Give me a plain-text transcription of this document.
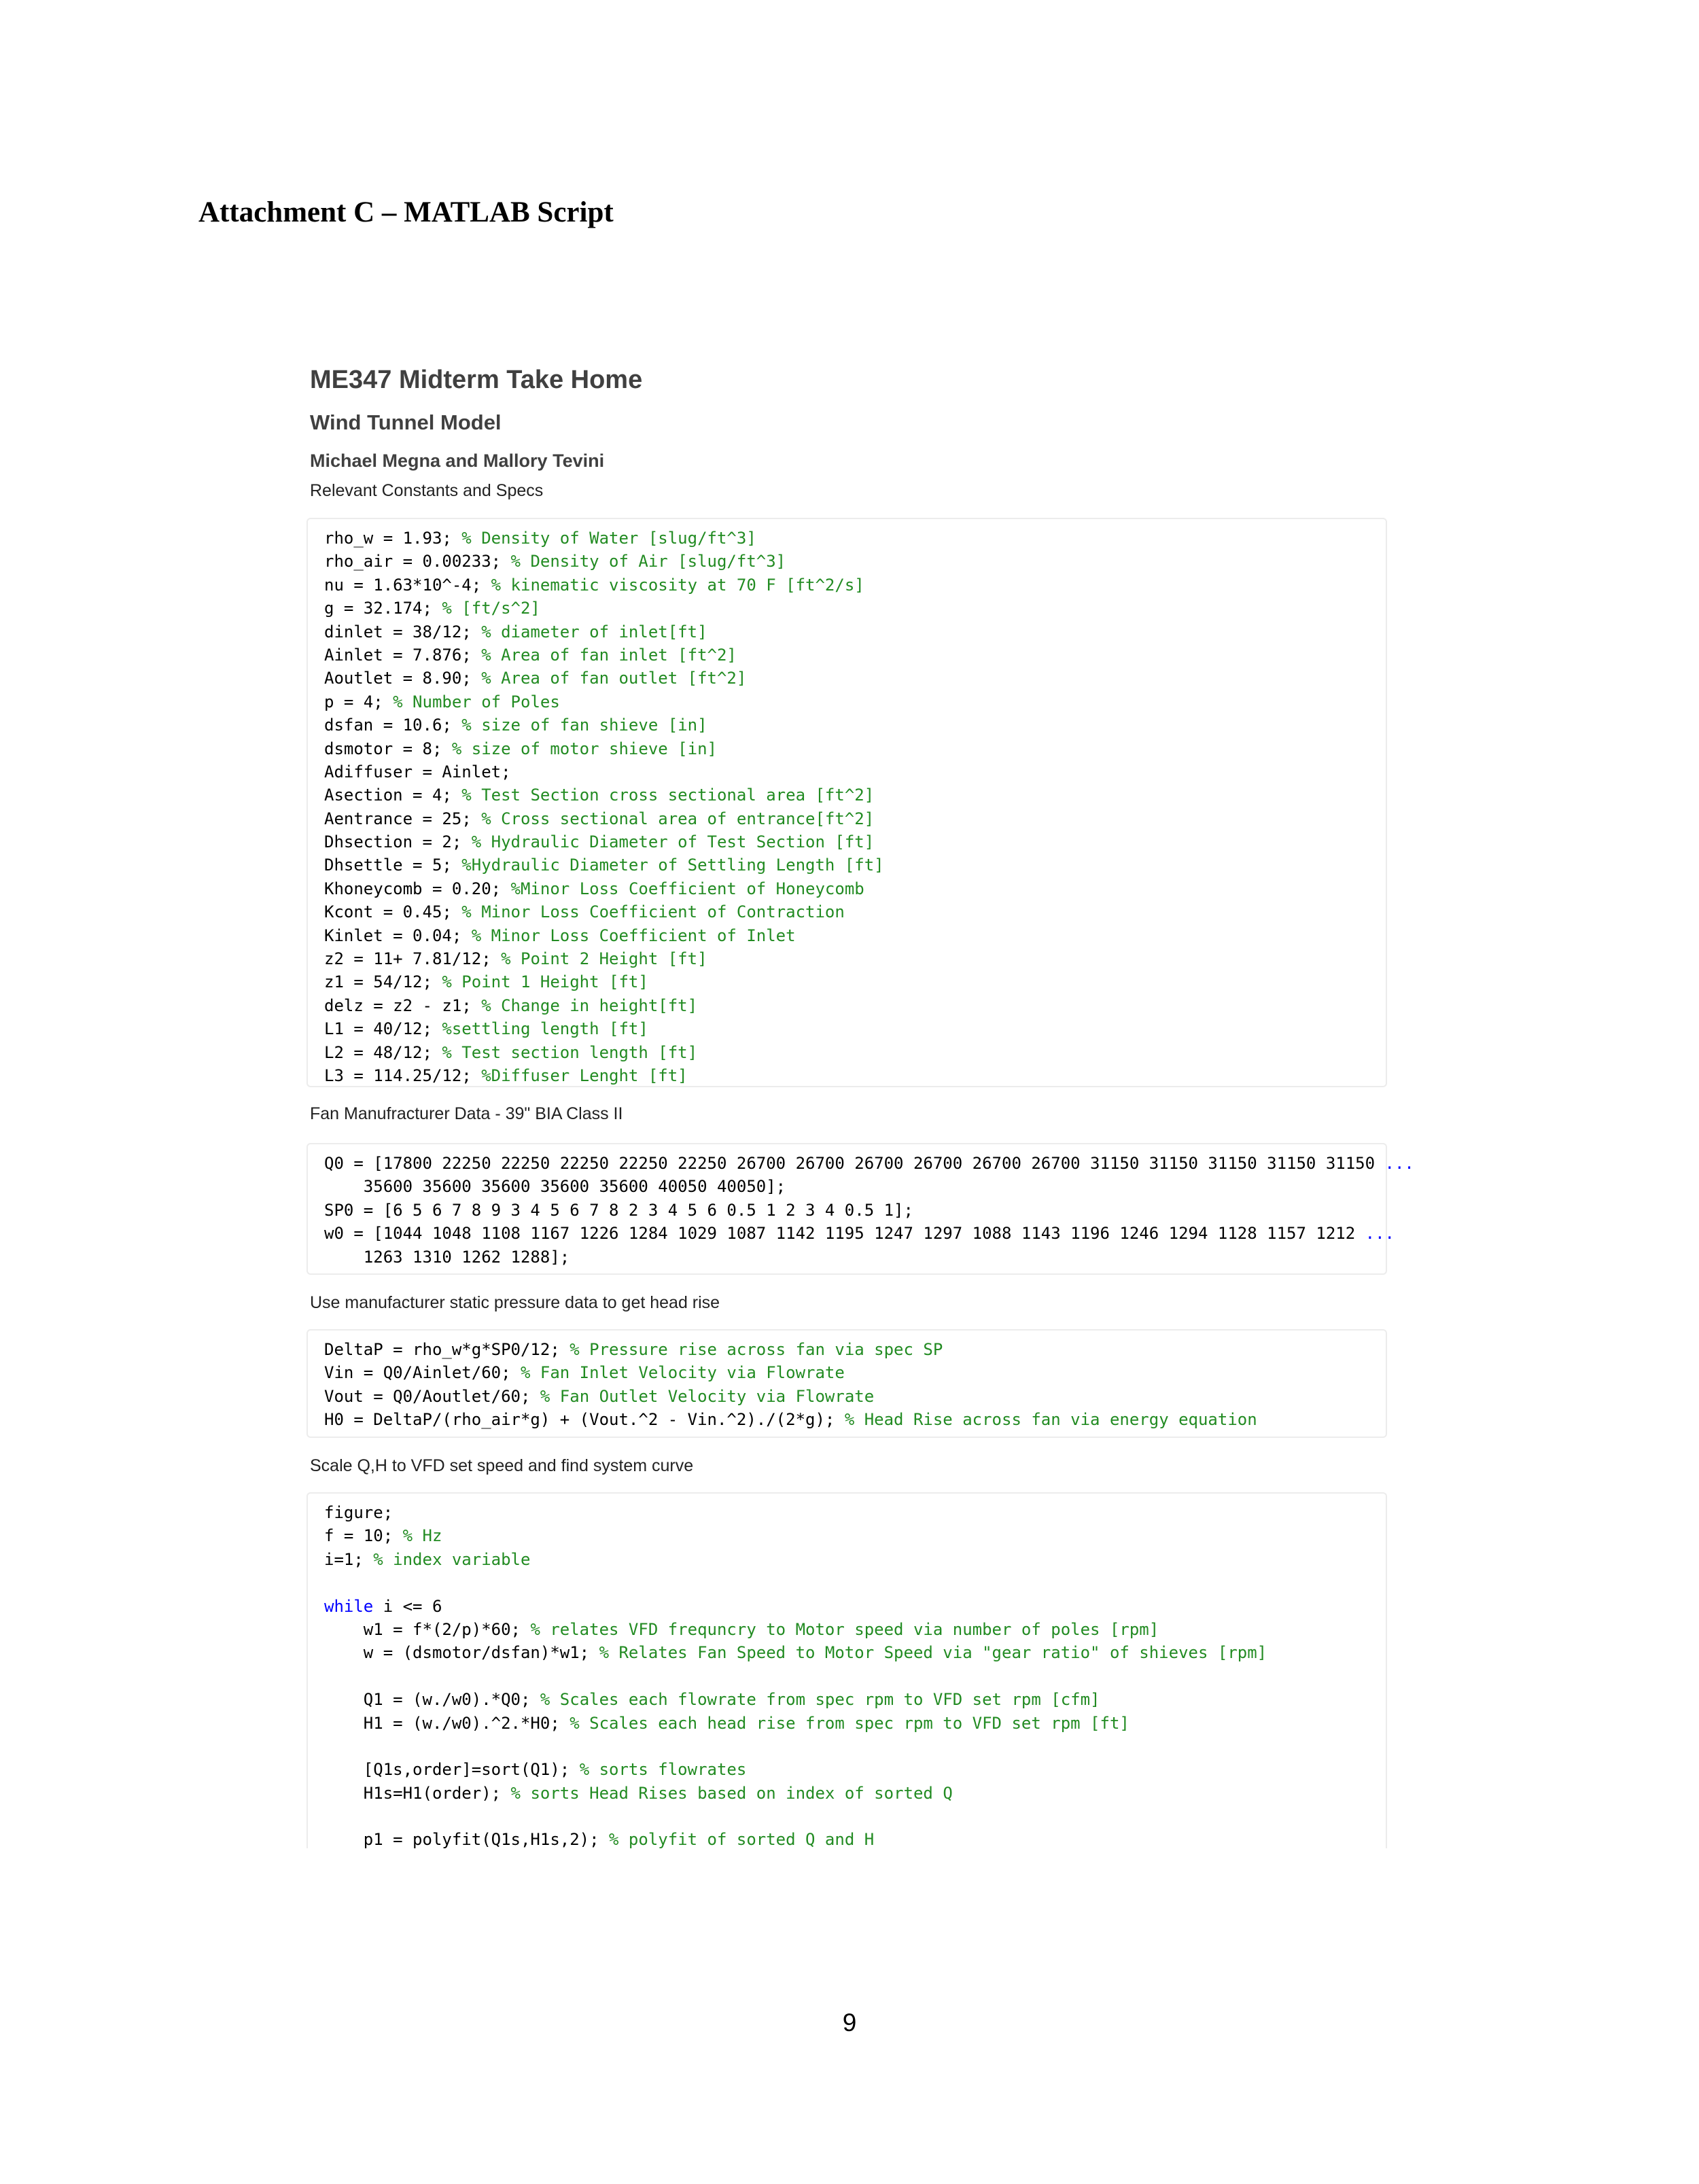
Attachment C – MATLAB Script
ME347 Midterm Take Home
Wind Tunnel Model
Michael Megna and Mallory Tevini
Relevant Constants and Specs
rho_w = 1.93; % Density of Water [slug/ft^3]
rho_air = 0.00233; % Density of Air [slug/ft^3]
nu = 1.63*10^-4; % kinematic viscosity at 70 F [ft^2/s]
g = 32.174; % [ft/s^2]
dinlet = 38/12; % diameter of inlet[ft]
Ainlet = 7.876; % Area of fan inlet [ft^2]
Aoutlet = 8.90; % Area of fan outlet [ft^2]
p = 4; % Number of Poles
dsfan = 10.6; % size of fan shieve [in]
dsmotor = 8; % size of motor shieve [in]
Adiffuser = Ainlet;
Asection = 4; % Test Section cross sectional area [ft^2]
Aentrance = 25; % Cross sectional area of entrance[ft^2]
Dhsection = 2; % Hydraulic Diameter of Test Section [ft]
Dhsettle = 5; %Hydraulic Diameter of Settling Length [ft]
Khoneycomb = 0.20; %Minor Loss Coefficient of Honeycomb
Kcont = 0.45; % Minor Loss Coefficient of Contraction
Kinlet = 0.04; % Minor Loss Coefficient of Inlet
z2 = 11+ 7.81/12; % Point 2 Height [ft]
z1 = 54/12; % Point 1 Height [ft]
delz = z2 - z1; % Change in height[ft]
L1 = 40/12; %settling length [ft]
L2 = 48/12; % Test section length [ft]
L3 = 114.25/12; %Diffuser Lenght [ft]
Fan Manufracturer Data - 39" BIA Class II
Q0 = [17800 22250 22250 22250 22250 22250 26700 26700 26700 26700 26700 26700 31150 31150 31150 31150 31150 ...
35600 35600 35600 35600 35600 40050 40050];
SP0 = [6 5 6 7 8 9 3 4 5 6 7 8 2 3 4 5 6 0.5 1 2 3 4 0.5 1];
w0 = [1044 1048 1108 1167 1226 1284 1029 1087 1142 1195 1247 1297 1088 1143 1196 1246 1294 1128 1157 1212 ...
1263 1310 1262 1288];
Use manufacturer static pressure data to get head rise
DeltaP = rho_w*g*SP0/12; % Pressure rise across fan via spec SP
Vin = Q0/Ainlet/60; % Fan Inlet Velocity via Flowrate
Vout = Q0/Aoutlet/60; % Fan Outlet Velocity via Flowrate
H0 = DeltaP/(rho_air*g) + (Vout.^2 - Vin.^2)./(2*g); % Head Rise across fan via energy equation
Scale Q,H to VFD set speed and find system curve
figure;
f = 10; % Hz
i=1; % index variable
while i <= 6
w1 = f*(2/p)*60; % relates VFD frequncry to Motor speed via number of poles [rpm]
w = (dsmotor/dsfan)*w1; % Relates Fan Speed to Motor Speed via "gear ratio" of shieves [rpm]
Q1 = (w./w0).*Q0; % Scales each flowrate from spec rpm to VFD set rpm [cfm]
H1 = (w./w0).^2.*H0; % Scales each head rise from spec rpm to VFD set rpm [ft]
[Q1s,order]=sort(Q1); % sorts flowrates
H1s=H1(order); % sorts Head Rises based on index of sorted Q
p1 = polyfit(Q1s,H1s,2); % polyfit of sorted Q and H
9
